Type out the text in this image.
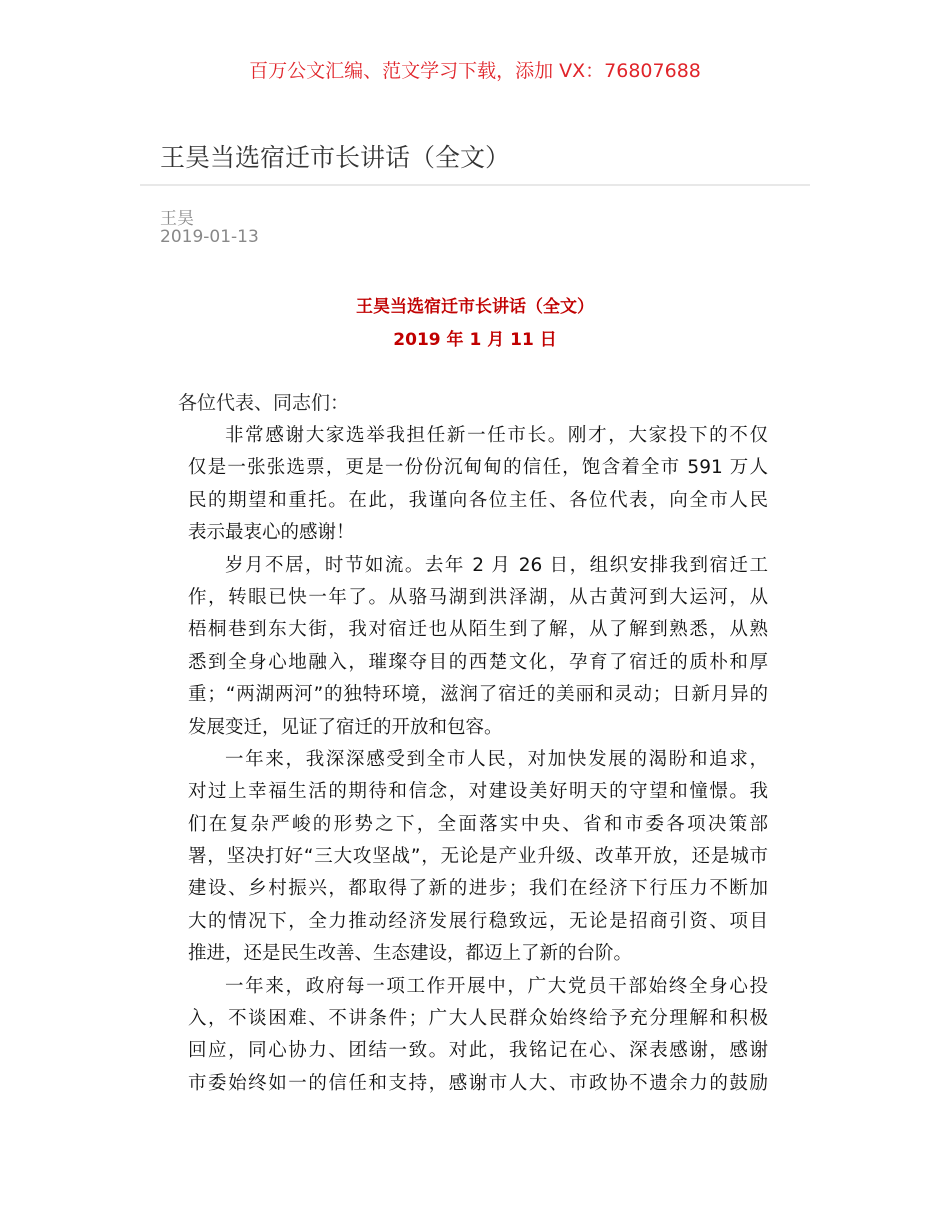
百万公文汇编、范文学习下载，添加 VX：76807688
王昊当选宿迁市长讲话（全文）
王昊
2019-01-13
王昊当选宿迁市长讲话（全文）
2019 年 1 月 11 日
各位代表、同志们：
非常感谢大家选举我担任新一任市长。刚才，大家投下的不仅
仅是一张张选票，更是一份份沉甸甸的信任，饱含着全市 591 万人
民的期望和重托。在此，我谨向各位主任、各位代表，向全市人民
表示最衷心的感谢！
岁月不居，时节如流。去年 2 月 26 日，组织安排我到宿迁工
作，转眼已快一年了。从骆马湖到洪泽湖，从古黄河到大运河，从
梧桐巷到东大街，我对宿迁也从陌生到了解，从了解到熟悉，从熟
悉到全身心地融入，璀璨夺目的西楚文化，孕育了宿迁的质朴和厚
重；“两湖两河”的独特环境，滋润了宿迁的美丽和灵动；日新月异的
发展变迁，见证了宿迁的开放和包容。
一年来，我深深感受到全市人民，对加快发展的渴盼和追求，
对过上幸福生活的期待和信念，对建设美好明天的守望和憧憬。我
们在复杂严峻的形势之下，全面落实中央、省和市委各项决策部
署，坚决打好“三大攻坚战”，无论是产业升级、改革开放，还是城市
建设、乡村振兴，都取得了新的进步；我们在经济下行压力不断加
大的情况下，全力推动经济发展行稳致远，无论是招商引资、项目
推进，还是民生改善、生态建设，都迈上了新的台阶。
一年来，政府每一项工作开展中，广大党员干部始终全身心投
入，不谈困难、不讲条件；广大人民群众始终给予充分理解和积极
回应，同心协力、团结一致。对此，我铭记在心、深表感谢，感谢
市委始终如一的信任和支持，感谢市人大、市政协不遗余力的鼓励
